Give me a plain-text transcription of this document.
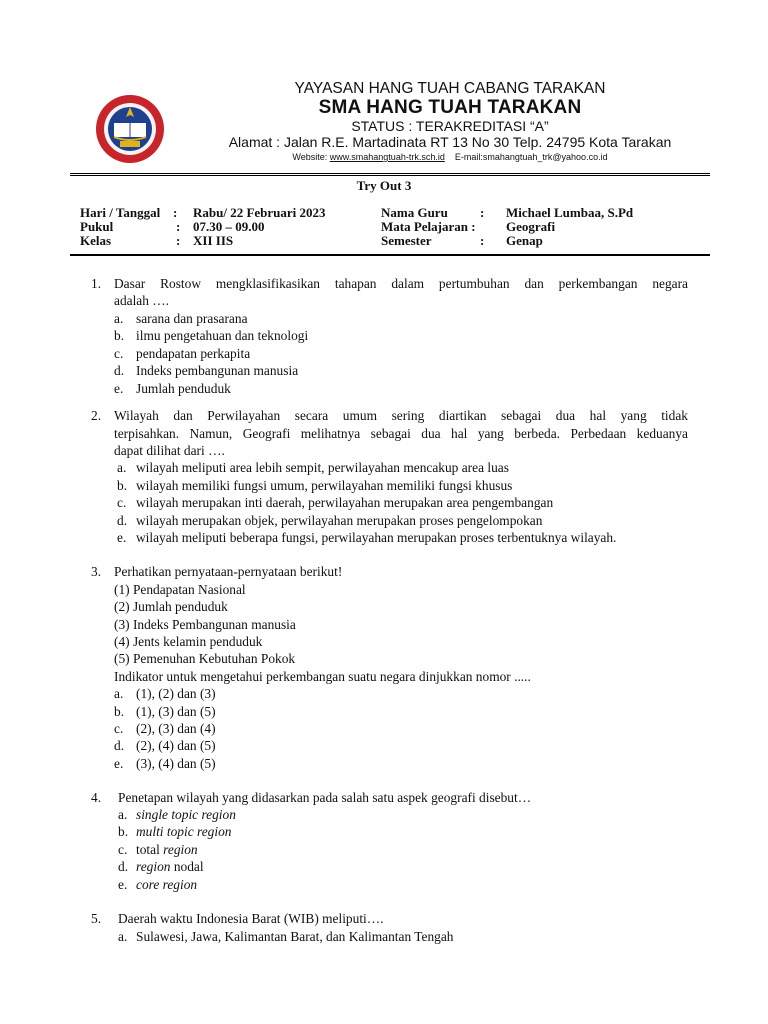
YAYASAN HANG TUAH CABANG TARAKAN
SMA HANG TUAH TARAKAN
STATUS : TERAKREDITASI “A”
Alamat : Jalan R.E. Martadinata RT 13 No 30 Telp. 24795 Kota Tarakan
Website: www.smahangtuah-trk.sch.id E-mail:smahangtuah_trk@yahoo.co.id
Try Out 3
Hari / Tanggal : Rabu/ 22 Februari 2023
Pukul	: 07.30 – 09.00
Kelas	: XII IIS
Nama Guru : Michael Lumbaa, S.Pd
Mata Pelajaran : Geografi
Semester	: Genap
1. Dasar Rostow mengklasifikasikan tahapan dalam pertumbuhan dan perkembangan negara
adalah ….
a. sarana dan prasarana
b. ilmu pengetahuan dan teknologi
c. pendapatan perkapita
d. Indeks pembangunan manusia
e. Jumlah penduduk
2. Wilayah dan Perwilayahan secara umum sering diartikan sebagai dua hal yang tidak
terpisahkan. Namun, Geografi melihatnya sebagai dua hal yang berbeda. Perbedaan keduanya
dapat dilihat dari ….
a. wilayah meliputi area lebih sempit, perwilayahan mencakup area luas
b. wilayah memiliki fungsi umum, perwilayahan memiliki fungsi khusus
c. wilayah merupakan inti daerah, perwilayahan merupakan area pengembangan
d. wilayah merupakan objek, perwilayahan merupakan proses pengelompokan
e. wilayah meliputi beberapa fungsi, perwilayahan merupakan proses terbentuknya wilayah.
3. Perhatikan pernyataan-pernyataan berikut!
(1) Pendapatan Nasional
(2) Jumlah penduduk
(3) Indeks Pembangunan manusia
(4) Jents kelamin penduduk
(5) Pemenuhan Kebutuhan Pokok
Indikator untuk mengetahui perkembangan suatu negara dinjukkan nomor .....
a. (1), (2) dan (3)
b. (1), (3) dan (5)
c. (2), (3) dan (4)
d. (2), (4) dan (5)
e. (3), (4) dan (5)
4. Penetapan wilayah yang didasarkan pada salah satu aspek geografi disebut…
a. single topic region
b. multi topic region
c. total region
d. region nodal
e. core region
5. Daerah waktu Indonesia Barat (WIB) meliputi….
a. Sulawesi, Jawa, Kalimantan Barat, dan Kalimantan Tengah
